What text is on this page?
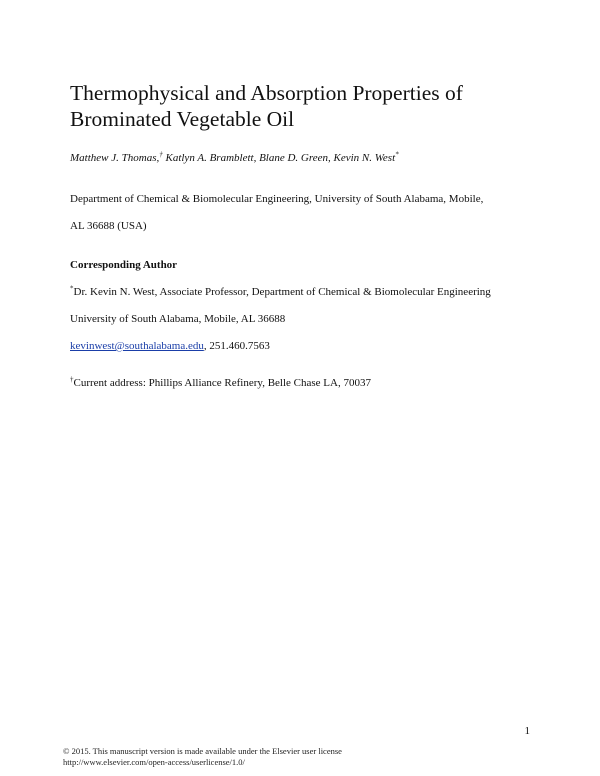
Thermophysical and Absorption Properties of
Brominated Vegetable Oil

Matthew J. Thomas,† Katlyn A. Bramblett, Blane D. Green, Kevin N. West*

Department of Chemical & Biomolecular Engineering, University of South Alabama, Mobile,

AL 36688 (USA)

Corresponding Author

*Dr. Kevin N. West, Associate Professor, Department of Chemical & Biomolecular Engineering

University of South Alabama, Mobile, AL 36688

kevinwest@southalabama.edu, 251.460.7563

†Current address: Phillips Alliance Refinery, Belle Chase LA, 70037

1

© 2015. This manuscript version is made available under the Elsevier user license

http://www.elsevier.com/open-access/userlicense/1.0/
